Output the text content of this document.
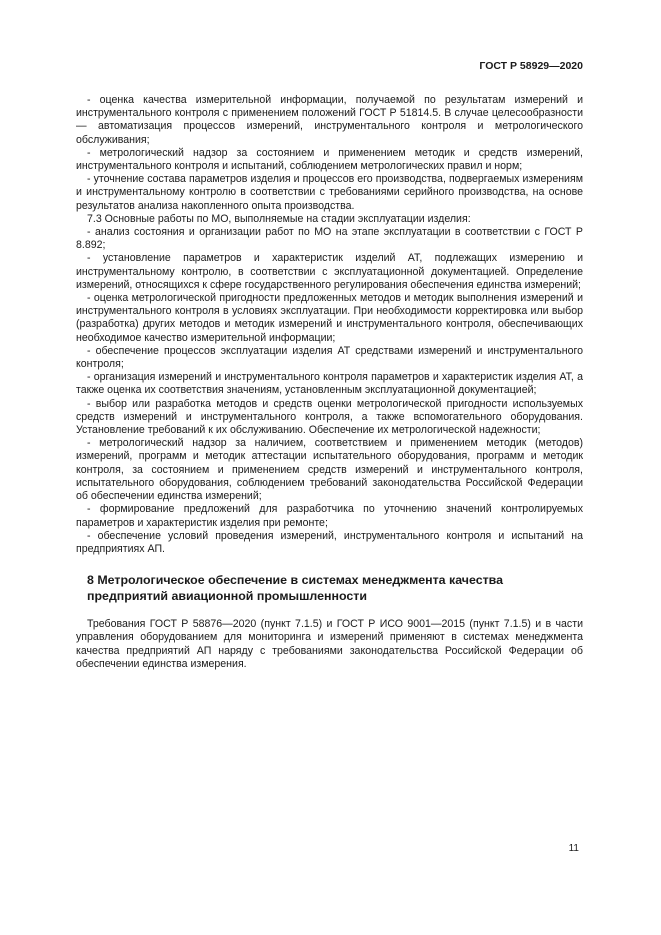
ГОСТ Р 58929—2020

- оценка качества измерительной информации, получаемой по результатам измерений и инструментального контроля с применением положений ГОСТ Р 51814.5. В случае целесообразности — автоматизация процессов измерений, инструментального контроля и метрологического обслуживания;

- метрологический надзор за состоянием и применением методик и средств измерений, инструментального контроля и испытаний, соблюдением метрологических правил и норм;

- уточнение состава параметров изделия и процессов его производства, подвергаемых измерениям и инструментальному контролю в соответствии с требованиями серийного производства, на основе результатов анализа накопленного опыта производства.

7.3 Основные работы по МО, выполняемые на стадии эксплуатации изделия:

- анализ состояния и организации работ по МО на этапе эксплуатации в соответствии с ГОСТ Р 8.892;

- установление параметров и характеристик изделий АТ, подлежащих измерению и инструментальному контролю, в соответствии с эксплуатационной документацией. Определение измерений, относящихся к сфере государственного регулирования обеспечения единства измерений;

- оценка метрологической пригодности предложенных методов и методик выполнения измерений и инструментального контроля в условиях эксплуатации. При необходимости корректировка или выбор (разработка) других методов и методик измерений и инструментального контроля, обеспечивающих необходимое качество измерительной информации;

- обеспечение процессов эксплуатации изделия АТ средствами измерений и инструментального контроля;

- организация измерений и инструментального контроля параметров и характеристик изделия АТ, а также оценка их соответствия значениям, установленным эксплуатационной документацией;

- выбор или разработка методов и средств оценки метрологической пригодности используемых средств измерений и инструментального контроля, а также вспомогательного оборудования. Установление требований к их обслуживанию. Обеспечение их метрологической надежности;

- метрологический надзор за наличием, соответствием и применением методик (методов) измерений, программ и методик аттестации испытательного оборудования, программ и методик контроля, за состоянием и применением средств измерений и инструментального контроля, испытательного оборудования, соблюдением требований законодательства Российской Федерации об обеспечении единства измерений;

- формирование предложений для разработчика по уточнению значений контролируемых параметров и характеристик изделия при ремонте;

- обеспечение условий проведения измерений, инструментального контроля и испытаний на предприятиях АП.

8 Метрологическое обеспечение в системах менеджмента качества предприятий авиационной промышленности

Требования ГОСТ Р 58876—2020 (пункт 7.1.5) и ГОСТ Р ИСО 9001—2015 (пункт 7.1.5) и в части управления оборудованием для мониторинга и измерений применяют в системах менеджмента качества предприятий АП наряду с требованиями законодательства Российской Федерации об обеспечении единства измерения.

11
